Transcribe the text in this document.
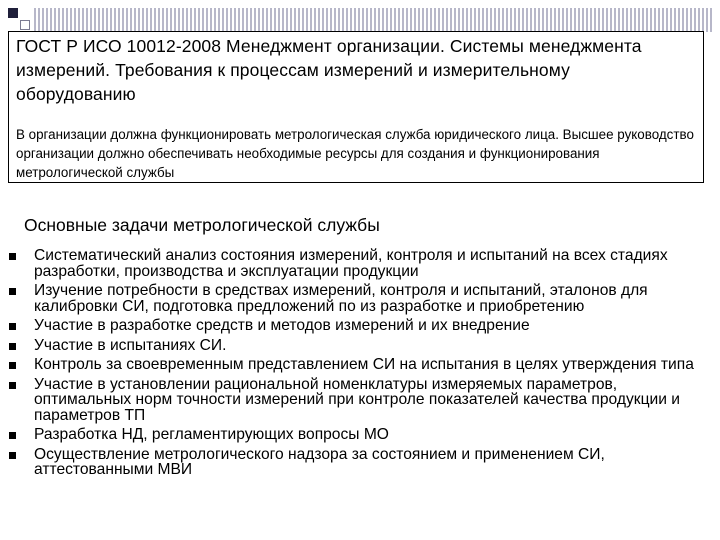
ГОСТ Р ИСО 10012-2008 Менеджмент организации. Системы менеджмента измерений. Требования к процессам измерений и измерительному оборудованию
В организации должна функционировать метрологическая служба юридического лица. Высшее руководство организации должно обеспечивать необходимые ресурсы для создания и функционирования метрологической службы
Основные задачи метрологической службы
Систематический анализ состояния измерений, контроля и испытаний на всех стадиях разработки, производства и эксплуатации продукции
Изучение потребности в средствах измерений, контроля и испытаний, эталонов для калибровки СИ, подготовка предложений по из разработке и приобретению
Участие в разработке средств и методов измерений и их внедрение
Участие в испытаниях СИ.
Контроль за своевременным представлением СИ на испытания в целях утверждения типа
Участие в установлении рациональной номенклатуры измеряемых параметров, оптимальных норм точности измерений при контроле показателей качества продукции и параметров ТП
Разработка НД, регламентирующих вопросы МО
Осуществление метрологического надзора за состоянием и применением СИ, аттестованными МВИ
